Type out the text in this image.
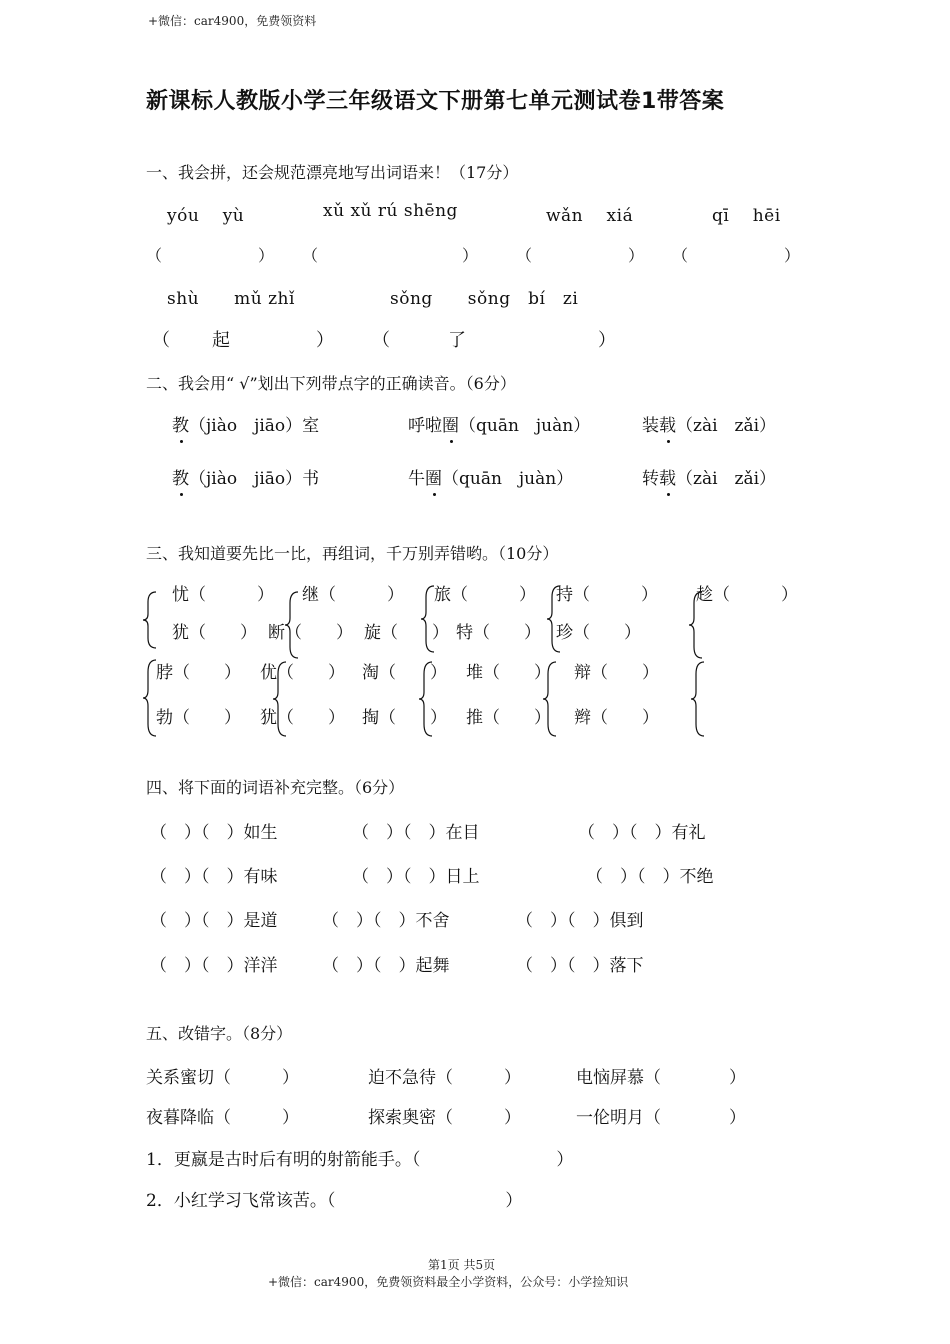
+微信：car4900，免费领资料
新课标人教版小学三年级语文下册第七单元测试卷1带答案
一、我会拼，还会规范漂亮地写出词语来！（17分）
yóu　 yù	xǔ xǔ rú shēng	wǎn　 xiá	qī　 hēi
（　　　　　　） （　　　　　　　　　） （　　　　　　） （　　　　　　）
shù　　mǔ zhǐ	sǒng　　sǒng　bí　zi
（ 起	） （	了	）
二、我会用“ √”划出下列带点字的正确读音。（6分）
教（jiào　jiāo）室	呼啦圈（quān　juàn）	装载（zài　zǎi）
教（jiào　jiāo）书	牛圈（quān　juàn）	转载（zài　zǎi）
三、我知道要先比一比，再组词，千万别弄错哟。（10分）
忧（　　　） 继（　　　） 旅（　　　） 持（　　　） 趁（　　　）
犹（　　） 断（　　） 旋（　　） 特（　　） 珍（　　）
脖（　　） 优（　　） 淘（　　） 堆（　　） 辩（　　）
勃（　　） 犹（　　） 掏（　　） 推（　　） 辫（　　）
四、将下面的词语补充完整。（6分）
（　）（　）如生	（　）（　）在目	（　）（　）有礼
（　）（　）有味	（　）（　）日上	（　）（　）不绝
（　）（　）是道	（　）（　）不舍	（　）（　）俱到
（　）（　）洋洋	（　）（　）起舞	（　）（　）落下
五、改错字。（8分）
关系蜜切（　　　）	迫不急待（　　　）	电恼屏慕（　　　　）
夜暮降临（　　　）	探索奥密（　　　）	一伦明月（　　　　）
1．更嬴是古时后有明的射箭能手。（　　　　　　　　）
2．小红学习飞常该苦。（　　　　　　　　　　）
第1页 共5页
+微信：car4900，免费领资料最全小学资料，公众号：小学捡知识
